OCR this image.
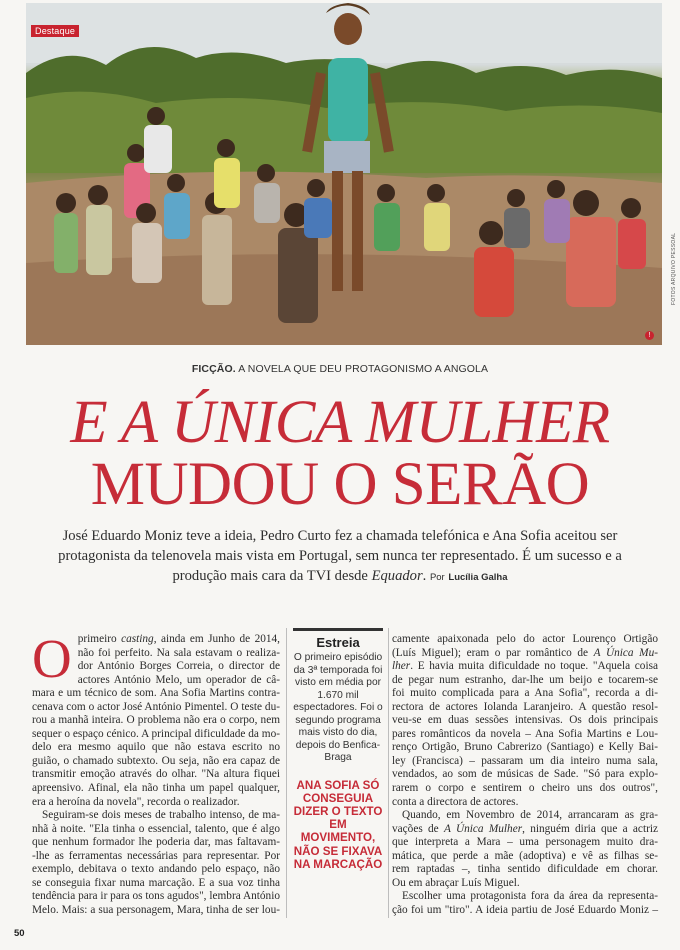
Destaque
FOTOS ARQUIVO PESSOAL
!
FICÇÃO. A NOVELA QUE DEU PROTAGONISMO A ANGOLA
E A ÚNICA MULHER
MUDOU O SERÃO
José Eduardo Moniz teve a ideia, Pedro Curto fez a chamada telefónica e Ana Sofia aceitou ser protagonista da telenovela mais vista em Portugal, sem nunca ter representado. É um sucesso e a produção mais cara da TVI desde Equador. Por Lucília Galha
O primeiro casting, ainda em Junho de 2014,
não foi perfeito. Na sala estavam o realiza-
dor António Borges Correia, o director de
actores António Melo, um operador de câ-
mara e um técnico de som. Ana Sofia Martins contra-
cenava com o actor José António Pimentel. O teste du-
rou a manhã inteira. O problema não era o corpo, nem
sequer o espaço cénico. A principal dificuldade da mo-
delo era mesmo aquilo que não estava escrito no
guião, o chamado subtexto. Ou seja, não era capaz de
transmitir emoção através do olhar. "Na altura fiquei
apreensivo. Afinal, ela não tinha um papel qualquer,
era a heroína da novela", recorda o realizador.
Seguiram-se dois meses de trabalho intenso, de ma-
nhã à noite. "Ela tinha o essencial, talento, que é algo
que nenhum formador lhe poderia dar, mas faltavam-
-lhe as ferramentas necessárias para representar. Por
exemplo, debitava o texto andando pelo espaço, não
se conseguia fixar numa marcação. E a sua voz tinha
tendência para ir para os tons agudos", lembra António
Melo. Mais: a sua personagem, Mara, tinha de ser lou-
Estreia
O primeiro episódio da 3ª temporada foi visto em média por 1.670 mil espectadores. Foi o segundo programa mais visto do dia, depois do Benfica-Braga
ANA SOFIA SÓ CONSEGUIA DIZER O TEXTO EM MOVIMENTO, NÃO SE FIXAVA NA MARCAÇÃO
camente apaixonada pelo do actor Lourenço Ortigão
(Luís Miguel); eram o par romântico de A Única Mu-
lher. E havia muita dificuldade no toque. "Aquela coisa
de pegar num estranho, dar-lhe um beijo e tocarem-se
foi muito complicada para a Ana Sofia", recorda a di-
rectora de actores Iolanda Laranjeiro. A questão resol-
veu-se em duas sessões intensivas. Os dois principais
pares românticos da novela – Ana Sofia Martins e Lou-
renço Ortigão, Bruno Cabrerizo (Santiago) e Kelly Bai-
ley (Francisca) – passaram um dia inteiro numa sala,
vendados, ao som de músicas de Sade. "Só para explo-
rarem o corpo e sentirem o cheiro uns dos outros",
conta a directora de actores.
Quando, em Novembro de 2014, arrancaram as gra-
vações de A Única Mulher, ninguém diria que a actriz
que interpreta a Mara – uma personagem muito dra-
mática, que perde a mãe (adoptiva) e vê as filhas se-
rem raptadas –, tinha sentido dificuldade em chorar.
Ou em abraçar Luís Miguel.
Escolher uma protagonista fora da área da representa-
ção foi um "tiro". A ideia partiu de José Eduardo Moniz –
50
